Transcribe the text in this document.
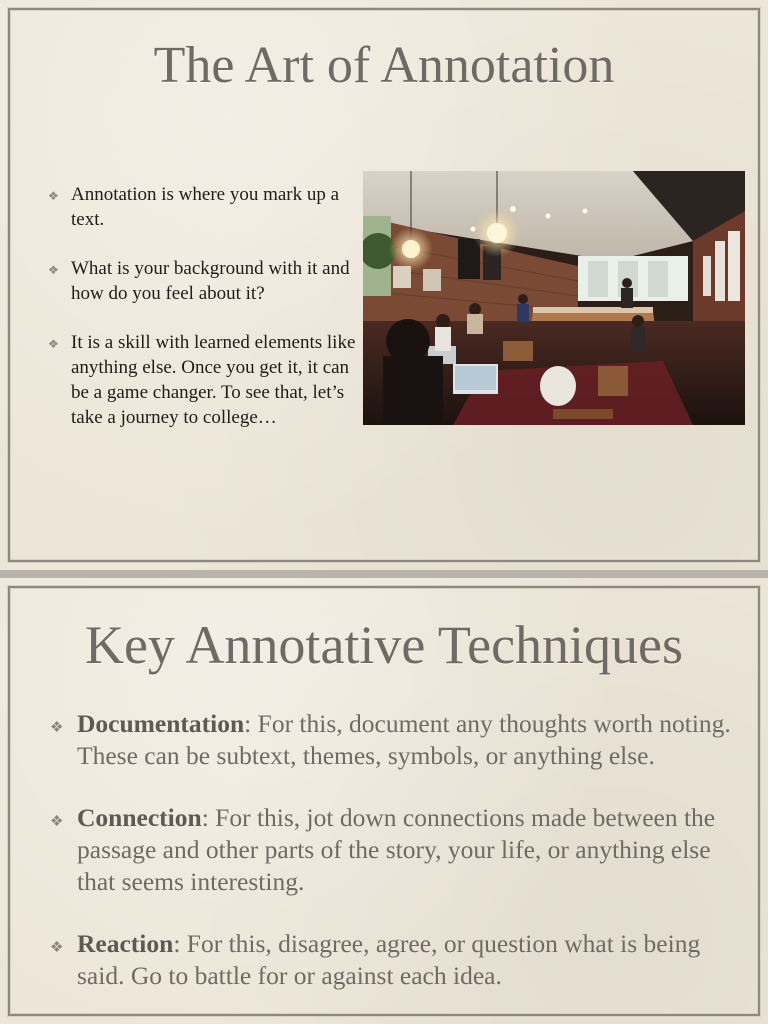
The Art of Annotation
❖ Annotation is where you mark up a text.
❖ What is your background with it and how do you feel about it?
❖ It is a skill with learned elements like anything else. Once you get it, it can be a game changer. To see that, let’s take a journey to college…
Key Annotative Techniques
❖ Documentation: For this, document any thoughts worth noting. These can be subtext, themes, symbols, or anything else.
❖ Connection: For this, jot down connections made between the passage and other parts of the story, your life, or anything else that seems interesting.
❖ Reaction: For this, disagree, agree, or question what is being said. Go to battle for or against each idea.
